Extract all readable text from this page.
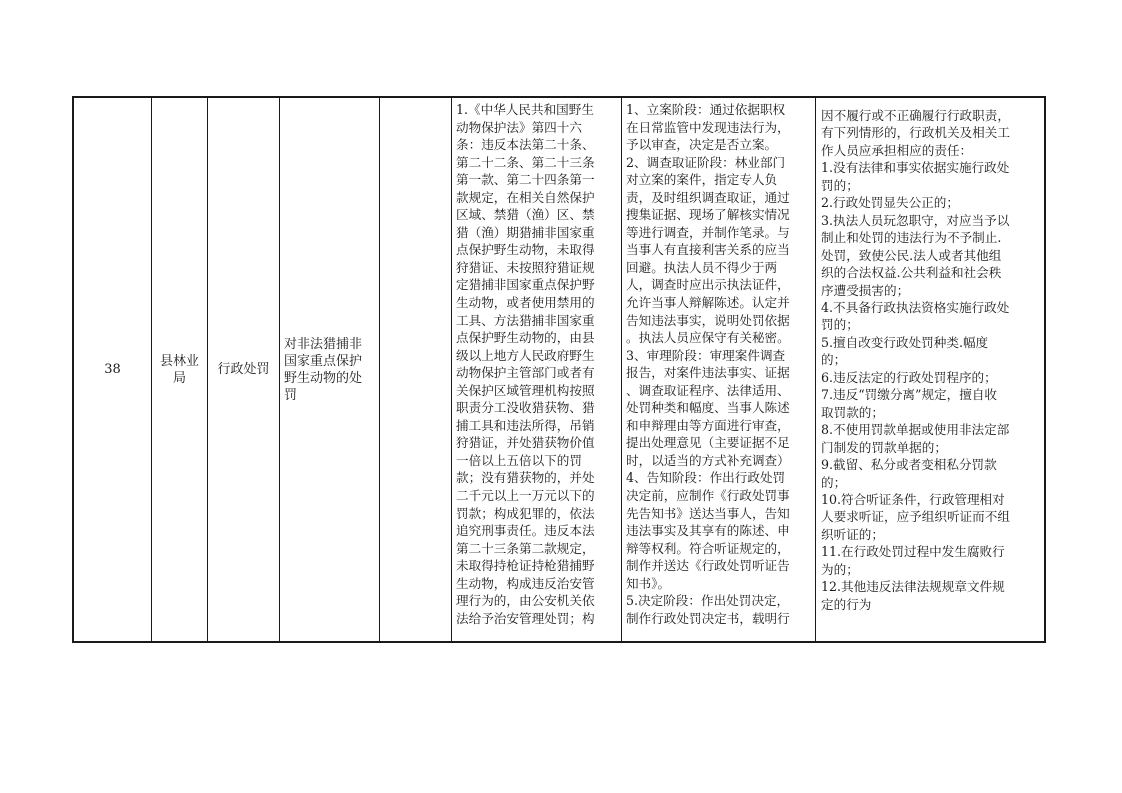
38
县林业
局
行政处罚
对非法猎捕非
国家重点保护
野生动物的处
罚
1.《中华人民共和国野生
动物保护法》第四十六
条：违反本法第二十条、
第二十二条、第二十三条
第一款、第二十四条第一
款规定，在相关自然保护
区域、禁猎（渔）区、禁
猎（渔）期猎捕非国家重
点保护野生动物，未取得
狩猎证、未按照狩猎证规
定猎捕非国家重点保护野
生动物，或者使用禁用的
工具、方法猎捕非国家重
点保护野生动物的，由县
级以上地方人民政府野生
动物保护主管部门或者有
关保护区域管理机构按照
职责分工没收猎获物、猎
捕工具和违法所得，吊销
狩猎证，并处猎获物价值
一倍以上五倍以下的罚
款；没有猎获物的，并处
二千元以上一万元以下的
罚款；构成犯罪的，依法
追究刑事责任。违反本法
第二十三条第二款规定，
未取得持枪证持枪猎捕野
生动物，构成违反治安管
理行为的，由公安机关依
法给予治安管理处罚；构
1、立案阶段：通过依据职权
在日常监管中发现违法行为，
予以审查，决定是否立案。
2、调查取证阶段：林业部门
对立案的案件，指定专人负
责，及时组织调查取证，通过
搜集证据、现场了解核实情况
等进行调查，并制作笔录。与
当事人有直接利害关系的应当
回避。执法人员不得少于两
人，调查时应出示执法证件，
允许当事人辩解陈述。认定并
告知违法事实，说明处罚依据
。执法人员应保守有关秘密。
3、审理阶段：审理案件调查
报告，对案件违法事实、证据
、调查取证程序、法律适用、
处罚种类和幅度、当事人陈述
和申辩理由等方面进行审查，
提出处理意见（主要证据不足
时，以适当的方式补充调查）
4、告知阶段：作出行政处罚
决定前，应制作《行政处罚事
先告知书》送达当事人，告知
违法事实及其享有的陈述、申
辩等权利。符合听证规定的，
制作并送达《行政处罚听证告
知书》。
5.决定阶段：作出处罚决定，
制作行政处罚决定书，载明行
因不履行或不正确履行行政职责，
有下列情形的，行政机关及相关工
作人员应承担相应的责任：
1.没有法律和事实依据实施行政处
罚的；
2.行政处罚显失公正的；
3.执法人员玩忽职守，对应当予以
制止和处罚的违法行为不予制止.
处罚，致使公民.法人或者其他组
织的合法权益.公共利益和社会秩
序遭受损害的；
4.不具备行政执法资格实施行政处
罚的；
5.擅自改变行政处罚种类.幅度
的；
6.违反法定的行政处罚程序的；
7.违反“罚缴分离”规定，擅自收
取罚款的；
8.不使用罚款单据或使用非法定部
门制发的罚款单据的；
9.截留、私分或者变相私分罚款
的；
10.符合听证条件，行政管理相对
人要求听证，应予组织听证而不组
织听证的；
11.在行政处罚过程中发生腐败行
为的；
12.其他违反法律法规规章文件规
定的行为
